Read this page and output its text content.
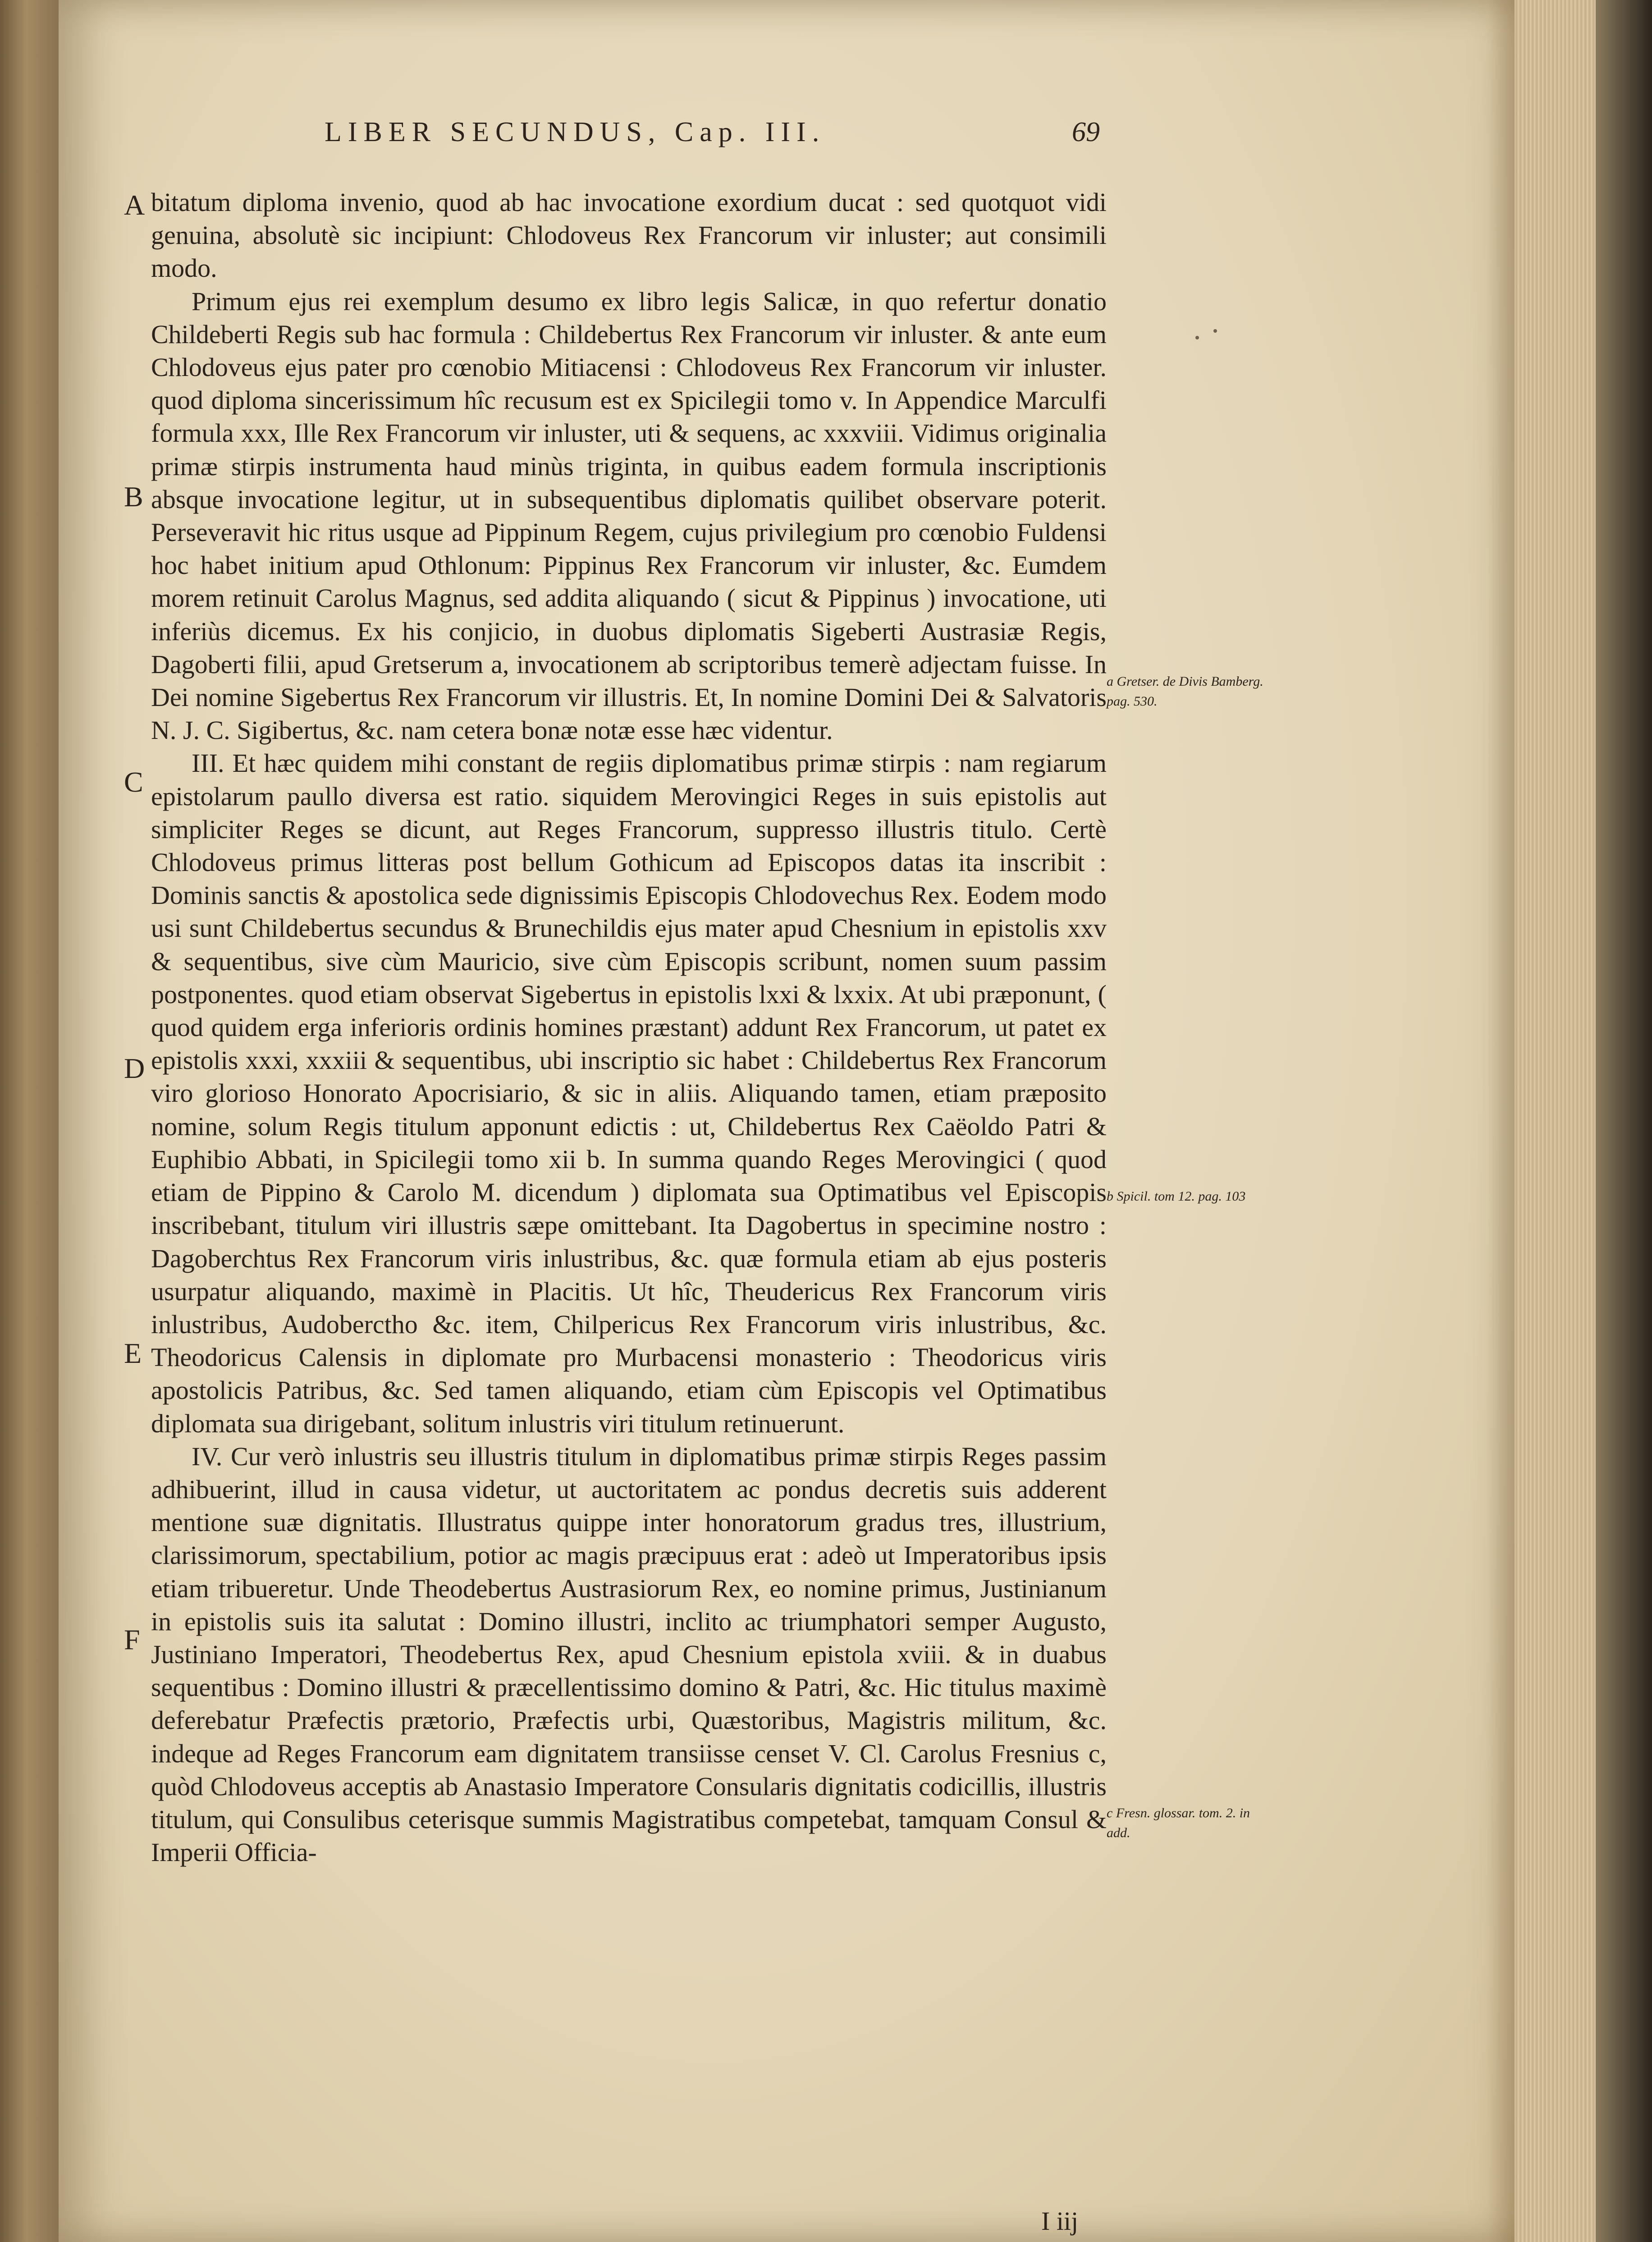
LIBER SECUNDUS, Cap. III.	69
A
B
C
D
E
F

bitatum diploma invenio, quod ab hac invocatione exordium ducat : sed quotquot vidi genuina, absolutè sic incipiunt: Chlodoveus Rex Francorum vir inluster; aut consimili modo.

Primum ejus rei exemplum desumo ex libro legis Salicæ, in quo refertur donatio Childeberti Regis sub hac formula : Childebertus Rex Francorum vir inluster. & ante eum Chlodoveus ejus pater pro cœnobio Mitiacensi : Chlodoveus Rex Francorum vir inluster. quod diploma sincerissimum hîc recusum est ex Spicilegii tomo v. In Appendice Marculfi formula xxx, Ille Rex Francorum vir inluster, uti & sequens, ac xxxviii. Vidimus originalia primæ stirpis instrumenta haud minùs triginta, in quibus eadem formula inscriptionis absque invocatione legitur, ut in subsequentibus diplomatis quilibet observare poterit. Perseveravit hic ritus usque ad Pippinum Regem, cujus privilegium pro cœnobio Fuldensi hoc habet initium apud Othlonum: Pippinus Rex Francorum vir inluster, &c. Eumdem morem retinuit Carolus Magnus, sed addita aliquando ( sicut & Pippinus ) invocatione, uti inferiùs dicemus. Ex his conjicio, in duobus diplomatis Sigeberti Austrasiæ Regis, Dagoberti filii, apud Gretserum a, invocationem ab scriptoribus temerè adjectam fuisse. In Dei nomine Sigebertus Rex Francorum vir illustris. Et, In nomine Domini Dei & Salvatoris N. J. C. Sigibertus, &c. nam cetera bonæ notæ esse hæc videntur.

III. Et hæc quidem mihi constant de regiis diplomatibus primæ stirpis : nam regiarum epistolarum paullo diversa est ratio. siquidem Merovingici Reges in suis epistolis aut simpliciter Reges se dicunt, aut Reges Francorum, suppresso illustris titulo. Certè Chlodoveus primus litteras post bellum Gothicum ad Episcopos datas ita inscribit : Dominis sanctis & apostolica sede dignissimis Episcopis Chlodovechus Rex. Eodem modo usi sunt Childebertus secundus & Brunechildis ejus mater apud Chesnium in epistolis xxv & sequentibus, sive cùm Mauricio, sive cùm Episcopis scribunt, nomen suum passim postponentes. quod etiam observat Sigebertus in epistolis lxxi & lxxix. At ubi præponunt, ( quod quidem erga inferioris ordinis homines præstant) addunt Rex Francorum, ut patet ex epistolis xxxi, xxxiii & sequentibus, ubi inscriptio sic habet : Childebertus Rex Francorum viro glorioso Honorato Apocrisiario, & sic in aliis. Aliquando tamen, etiam præposito nomine, solum Regis titulum apponunt edictis : ut, Childebertus Rex Caëoldo Patri & Euphibio Abbati, in Spicilegii tomo xii b. In summa quando Reges Merovingici ( quod etiam de Pippino & Carolo M. dicendum ) diplomata sua Optimatibus vel Episcopis inscribebant, titulum viri illustris sæpe omittebant. Ita Dagobertus in specimine nostro : Dagoberchtus Rex Francorum viris inlustribus, &c. quæ formula etiam ab ejus posteris usurpatur aliquando, maximè in Placitis. Ut hîc, Theudericus Rex Francorum viris inlustribus, Audoberctho &c. item, Chilpericus Rex Francorum viris inlustribus, &c. Theodoricus Calensis in diplomate pro Murbacensi monasterio : Theodoricus viris apostolicis Patribus, &c. Sed tamen aliquando, etiam cùm Episcopis vel Optimatibus diplomata sua dirigebant, solitum inlustris viri titulum retinuerunt.

IV. Cur verò inlustris seu illustris titulum in diplomatibus primæ stirpis Reges passim adhibuerint, illud in causa videtur, ut auctoritatem ac pondus decretis suis adderent mentione suæ dignitatis. Illustratus quippe inter honoratorum gradus tres, illustrium, clarissimorum, spectabilium, potior ac magis præcipuus erat : adeò ut Imperatoribus ipsis etiam tribueretur. Unde Theodebertus Austrasiorum Rex, eo nomine primus, Justinianum in epistolis suis ita salutat : Domino illustri, inclito ac triumphatori semper Augusto, Justiniano Imperatori, Theodebertus Rex, apud Chesnium epistola xviii. & in duabus sequentibus : Domino illustri & præcellentissimo domino & Patri, &c. Hic titulus maximè deferebatur Præfectis prætorio, Præfectis urbi, Quæstoribus, Magistris militum, &c. indeque ad Reges Francorum eam dignitatem transiisse censet V. Cl. Carolus Fresnius c, quòd Chlodoveus acceptis ab Anastasio Imperatore Consularis dignitatis codicillis, illustris titulum, qui Consulibus ceterisque summis Magistratibus competebat, tamquam Consul & Imperii Officia-

a Gretser. de Divis Bamberg. pag. 530.
b Spicil. tom 12. pag. 103
c Fresn. glossar. tom. 2. in add.
I iij
